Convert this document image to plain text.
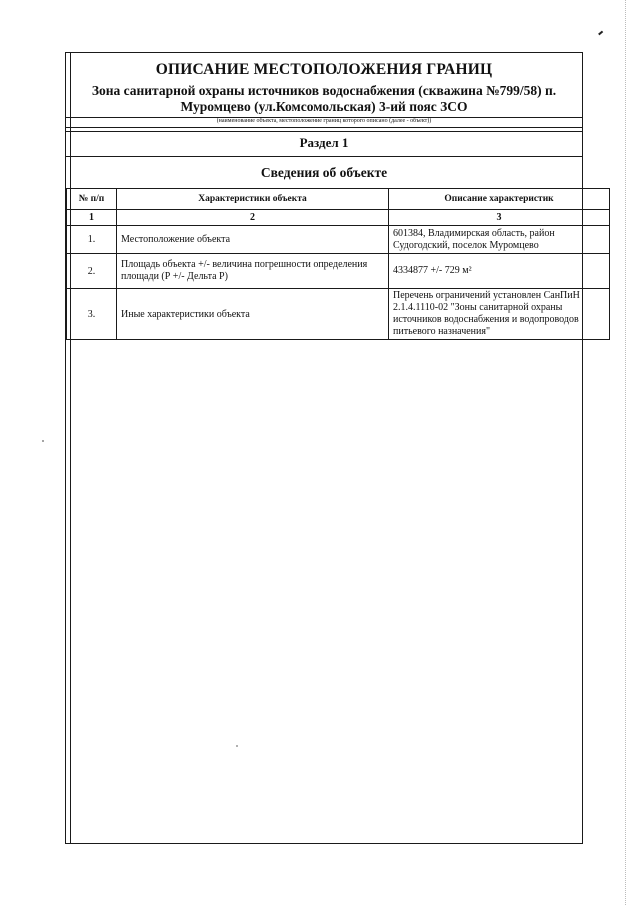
ОПИСАНИЕ МЕСТОПОЛОЖЕНИЯ ГРАНИЦ
Зона санитарной охраны источников водоснабжения (скважина №799/58) п. Муромцево (ул.Комсомольская) 3-ий пояс ЗСО
(наименование объекта, местоположение границ которого описано (далее - объект))
Раздел 1
Сведения об объекте
№ п/п	Характеристики объекта	Описание характеристик
1	2	3
1.	Местоположение объекта	601384, Владимирская область, район Судогодский, поселок Муромцево
2.	Площадь объекта +/- величина погрешности определения площади (Р +/- Дельта Р)	4334877 +/- 729 м²
3.	Иные характеристики объекта	Перечень ограничений установлен СанПиН 2.1.4.1110-02 "Зоны санитарной охраны источников водоснабжения и водопроводов питьевого назначения"
